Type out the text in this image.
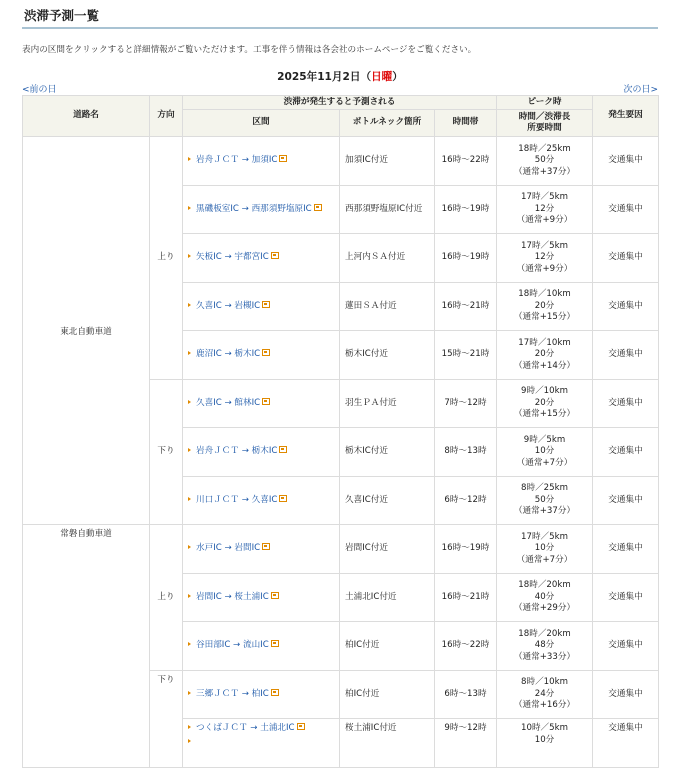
渋滞予測一覧
表内の区間をクリックすると詳細情報がご覧いただけます。工事を伴う情報は各会社のホームページをご覧ください。
2025年11月2日（日曜）
<前の日	次の日>
道路名	方向	渋滞が発生すると予測される			ピーク時	発生要因
		区間	ボトルネック箇所	時間帯	時間／渋滞長
所要時間	
東北自動車道	上り	岩舟ＪＣＴ → 加須IC	加須IC付近	16時〜22時	18時／25km
50分
（通常+37分）	交通集中
		黒磯板室IC → 西那須野塩原IC	西那須野塩原IC付近	16時〜19時	17時／5km
12分
（通常+9分）	交通集中
		矢板IC → 宇都宮IC	上河内ＳＡ付近	16時〜19時	17時／5km
12分
（通常+9分）	交通集中
		久喜IC → 岩槻IC	蓮田ＳＡ付近	16時〜21時	18時／10km
20分
（通常+15分）	交通集中
		鹿沼IC → 栃木IC	栃木IC付近	15時〜21時	17時／10km
20分
（通常+14分）	交通集中
	下り	久喜IC → 館林IC	羽生ＰＡ付近	7時〜12時	9時／10km
20分
（通常+15分）	交通集中
		岩舟ＪＣＴ → 栃木IC	栃木IC付近	8時〜13時	9時／5km
10分
（通常+7分）	交通集中
		川口ＪＣＴ → 久喜IC	久喜IC付近	6時〜12時	8時／25km
50分
（通常+37分）	交通集中
常磐自動車道	上り	水戸IC → 岩間IC	岩間IC付近	16時〜19時	17時／5km
10分
（通常+7分）	交通集中
		岩間IC → 桜土浦IC	土浦北IC付近	16時〜21時	18時／20km
40分
（通常+29分）	交通集中
		谷田部IC → 流山IC	柏IC付近	16時〜22時	18時／20km
48分
（通常+33分）	交通集中
	下り	三郷ＪＣＴ → 柏IC	柏IC付近	6時〜13時	8時／10km
24分
（通常+16分）	交通集中
		つくばＪＣＴ → 土浦北IC	桜土浦IC付近	9時〜12時	10時／5km
10分	交通集中
